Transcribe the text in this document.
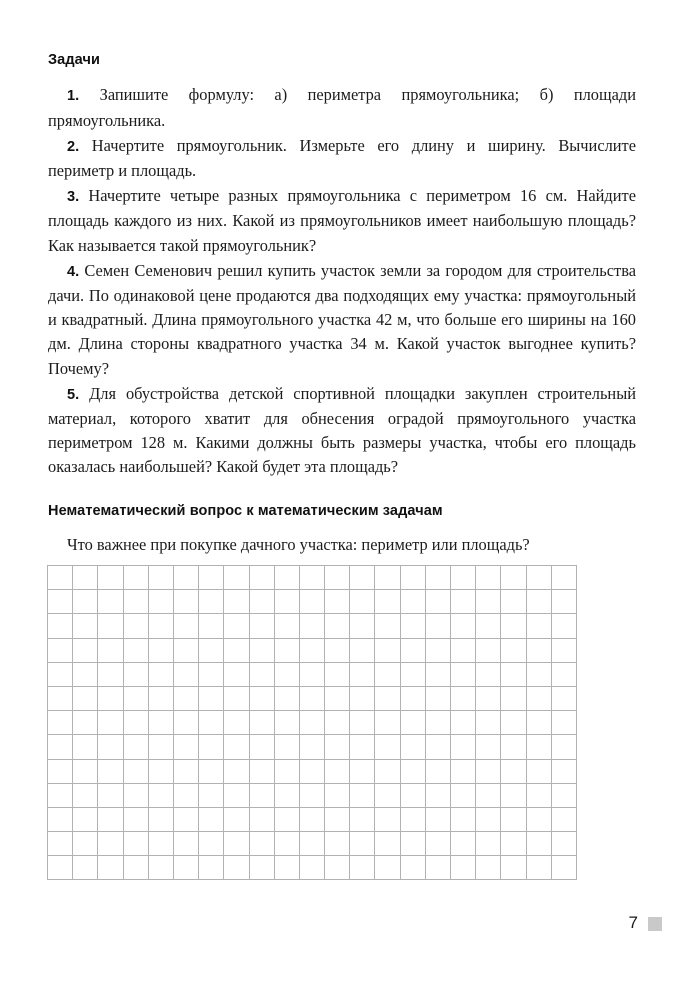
Задачи

1. Запишите формулу: а) периметра прямоугольника; б) площади прямоугольника.

2. Начертите прямоугольник. Измерьте его длину и ширину. Вычислите периметр и площадь.

3. Начертите четыре разных прямоугольника с периметром 16 см. Найдите площадь каждого из них. Какой из прямоугольников имеет наибольшую площадь? Как называется такой прямоугольник?

4. Семен Семенович решил купить участок земли за городом для строительства дачи. По одинаковой цене продаются два подходящих ему участка: прямоугольный и квадратный. Длина прямоугольного участка 42 м, что больше его ширины на 160 дм. Длина стороны квадратного участка 34 м. Какой участок выгоднее купить? Почему?

5. Для обустройства детской спортивной площадки закуплен строительный материал, которого хватит для обнесения оградой прямоугольного участка периметром 128 м. Какими должны быть размеры участка, чтобы его площадь оказалась наибольшей? Какой будет эта площадь?

Нематематический вопрос к математическим задачам

Что важнее при покупке дачного участка: периметр или площадь?

7
